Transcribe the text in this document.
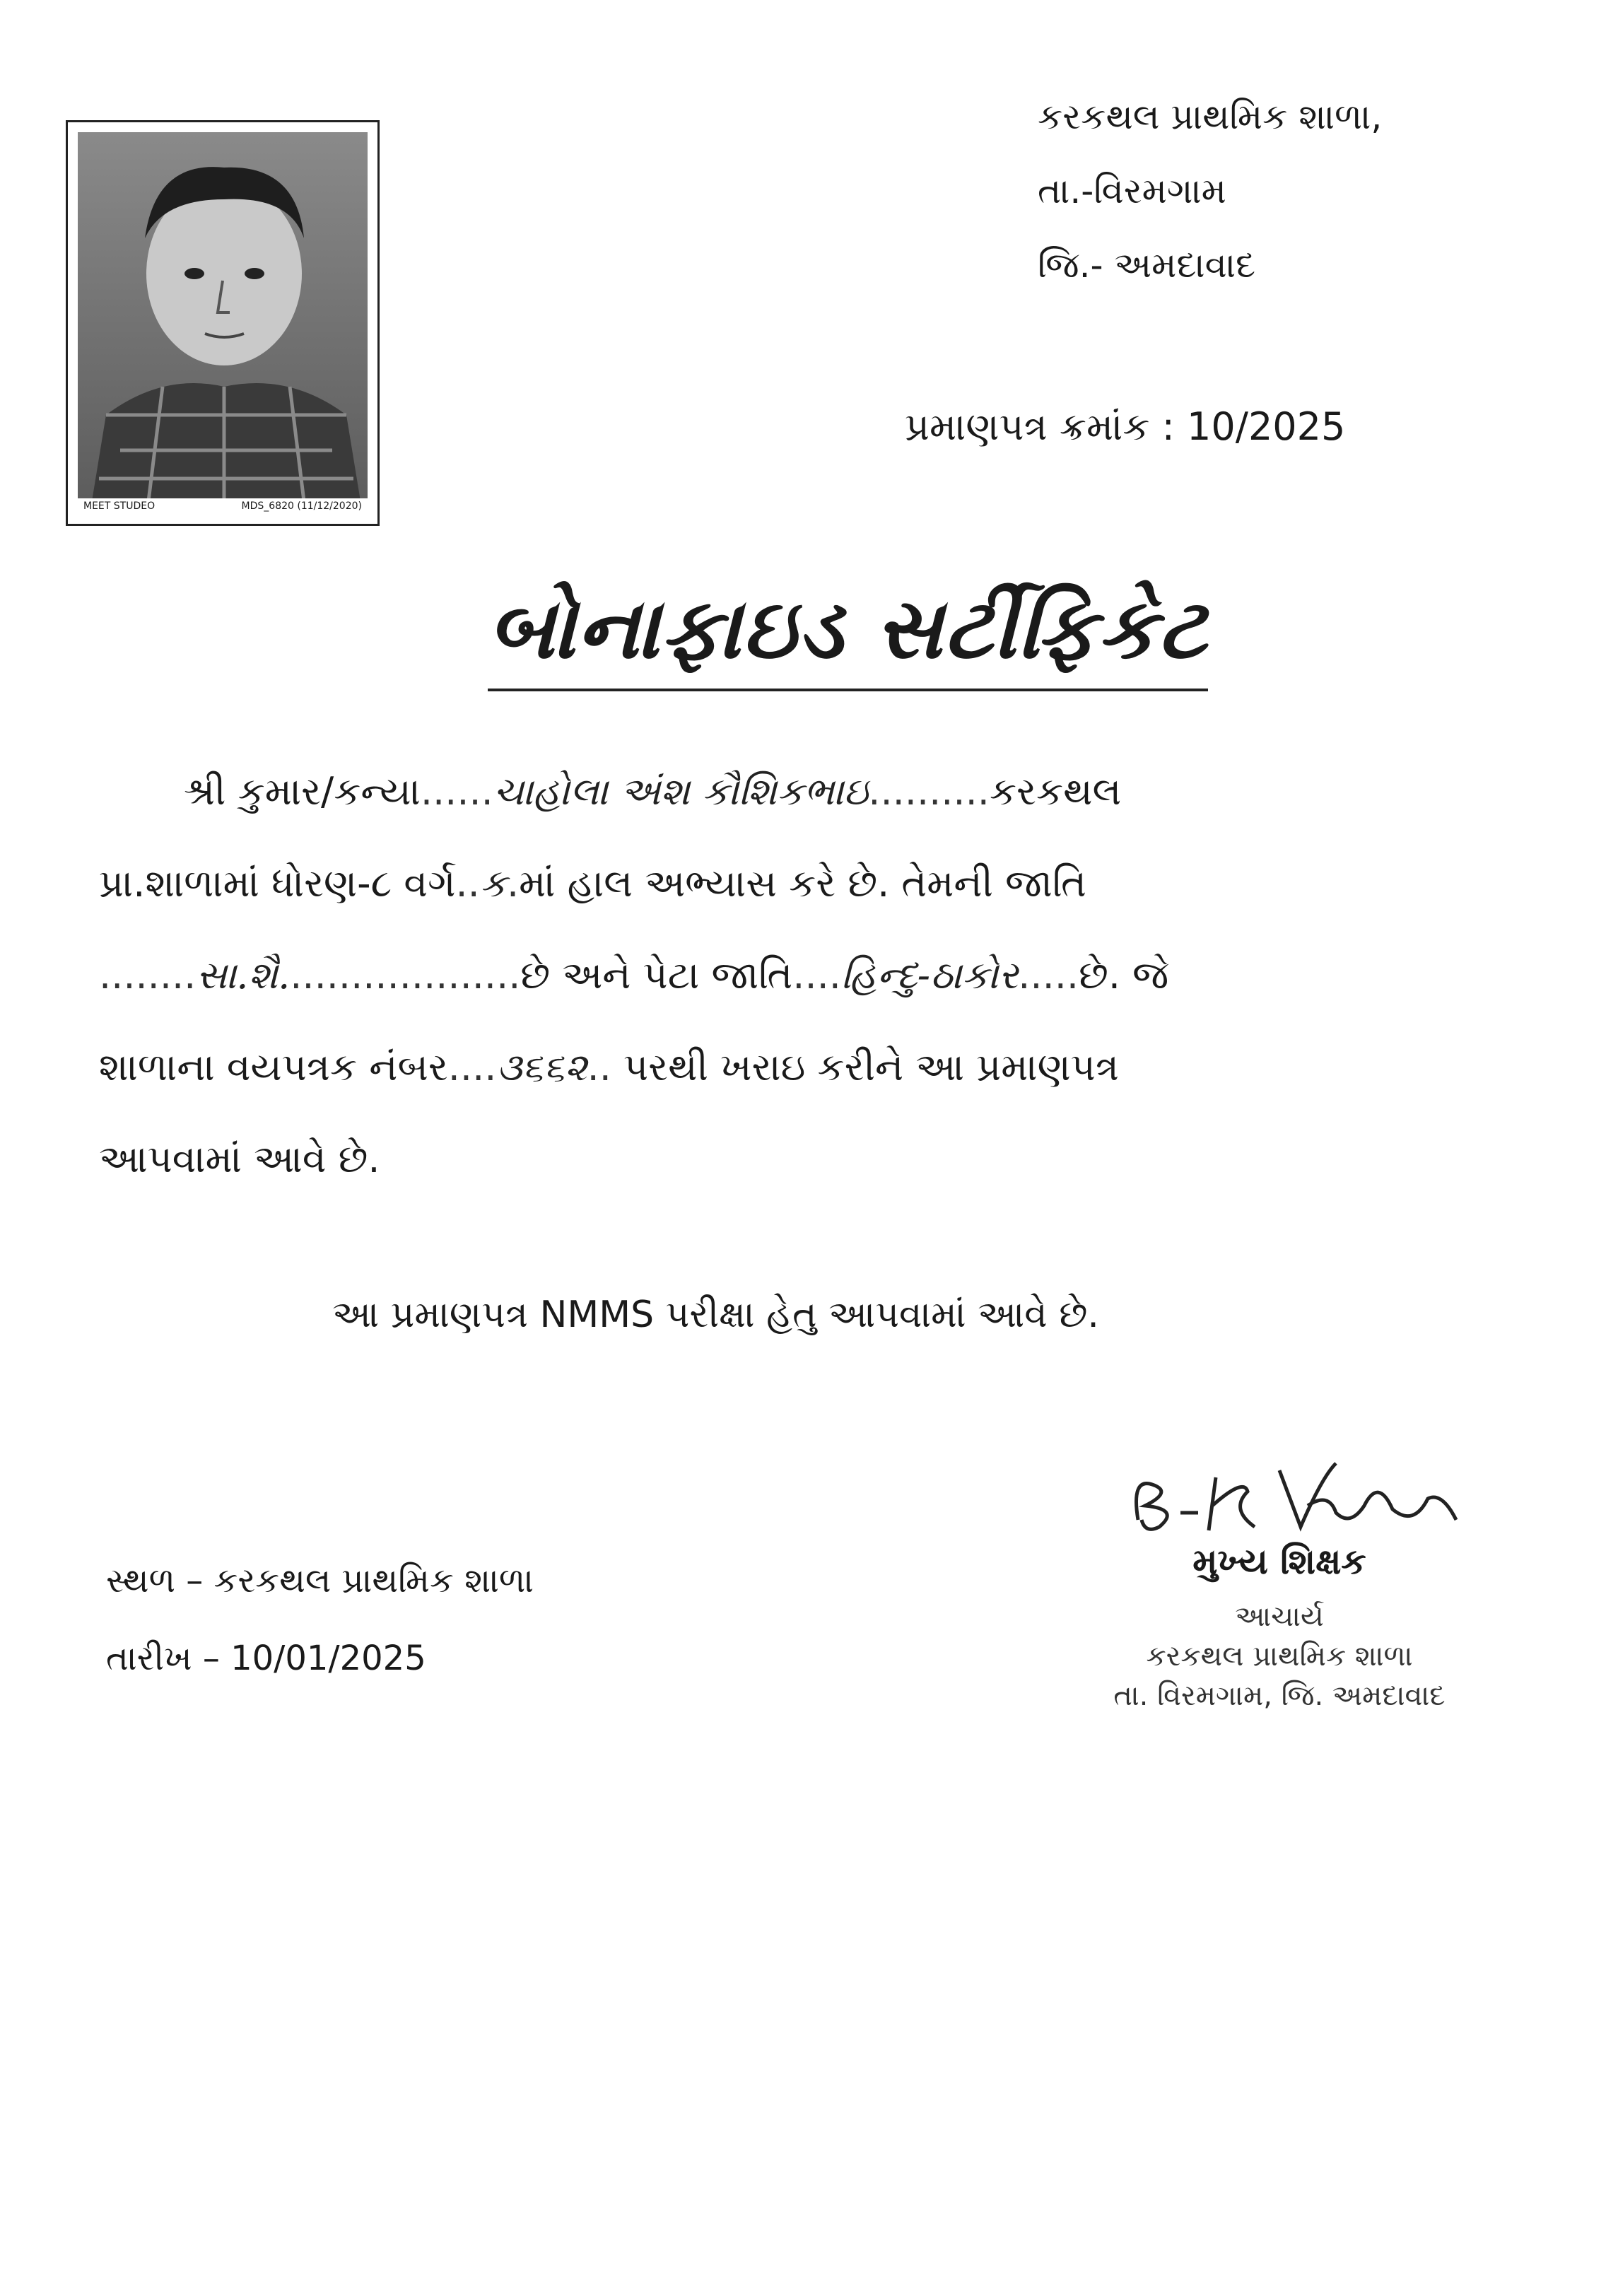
MEET STUDEO	MDS_6820 (11/12/2020)
કરકથલ પ્રાથમિક શાળા,
તા.-વિરમગામ
જિ.- અમદાવાદ
પ્રમાણપત્ર ક્રમાંક : 10/2025
બોનાફાઇડ સર્ટીફિકેટ
શ્રી કુમાર/કન્યા......ચાહોલા અંશ કૌશિકભાઇ..........કરકથલ
પ્રા.શાળામાં ધોરણ-૮ વર્ગ..ક.માં હાલ અભ્યાસ કરે છે. તેમની જાતિ
........સા.શૈ....................છે અને પેટા જાતિ....હિન્દુ-ઠાકોર.....છે. જે
શાળાના વયપત્રક નંબર....૩૬૬૨.. પરથી ખરાઇ કરીને આ પ્રમાણપત્ર
આપવામાં આવે છે.
આ પ્રમાણપત્ર NMMS પરીક્ષા હેતુ આપવામાં આવે છે.
સ્થળ – કરકથલ પ્રાથમિક શાળા
તારીખ – 10/01/2025
મુખ્ય શિક્ષક
આચાર્ય
કરકથલ પ્રાથમિક શાળા
તા. વિરમગામ, જિ. અમદાવાદ
